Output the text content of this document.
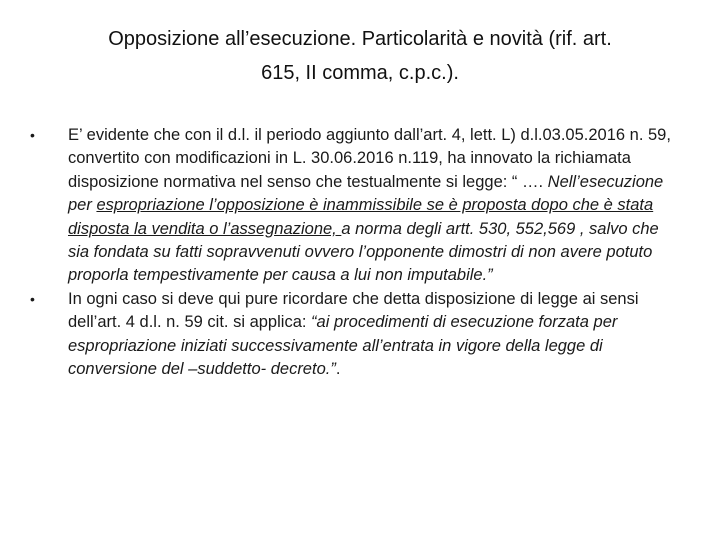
Opposizione all’esecuzione. Particolarità e novità (rif. art.
615, II comma, c.p.c.).
•	E’ evidente che con il d.l. il periodo aggiunto dall’art. 4, lett. L) d.l.03.05.2016 n. 59, convertito con modificazioni in L. 30.06.2016 n.119, ha innovato la richiamata disposizione normativa nel senso che testualmente si legge: “ …. Nell’esecuzione per espropriazione l’opposizione è inammissibile se è proposta dopo che è stata disposta la vendita o l’assegnazione, a norma degli artt. 530, 552,569 , salvo che sia fondata su fatti sopravvenuti ovvero l’opponente dimostri di non avere potuto proporla tempestivamente per causa a lui non imputabile.”
•	In ogni caso si deve qui pure ricordare che detta disposizione di legge ai sensi dell’art. 4 d.l. n. 59 cit. si applica: “ai procedimenti di esecuzione forzata per espropriazione iniziati successivamente all’entrata in vigore della legge di conversione del –suddetto- decreto.”.
